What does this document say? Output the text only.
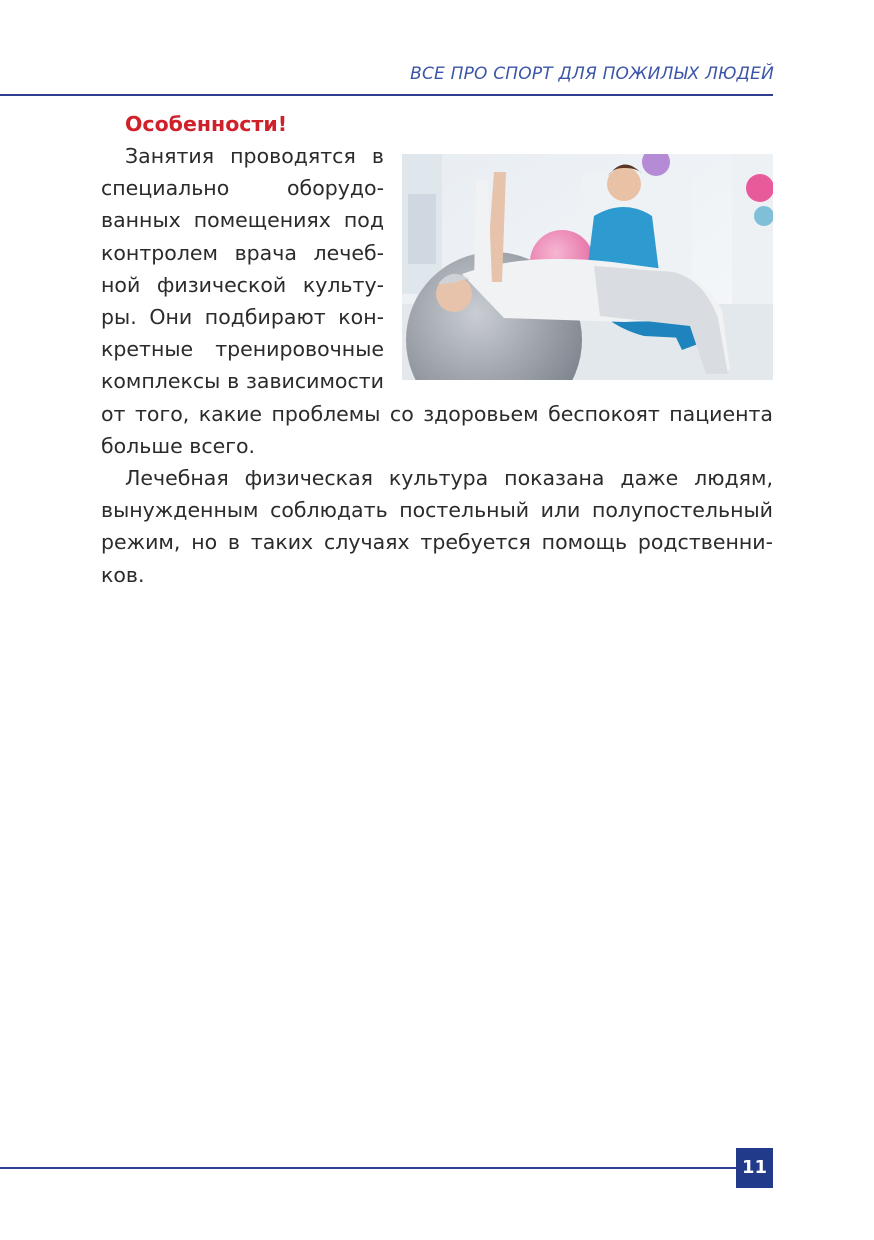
ВСЕ ПРО СПОРТ ДЛЯ ПОЖИЛЫХ ЛЮДЕЙ

Особенности!

Занятия проводятся в специально оборудованных помещениях под контролем врача лечебной физической культуры. Они подбирают конкретные тренировочные комплексы в зависимости от того, какие проблемы со здоровьем беспокоят пациента больше всего.

Лечебная физическая культура показана даже людям, вынужденным соблюдать постельный или полупостельный режим, но в таких случаях требуется помощь родственников.

11
